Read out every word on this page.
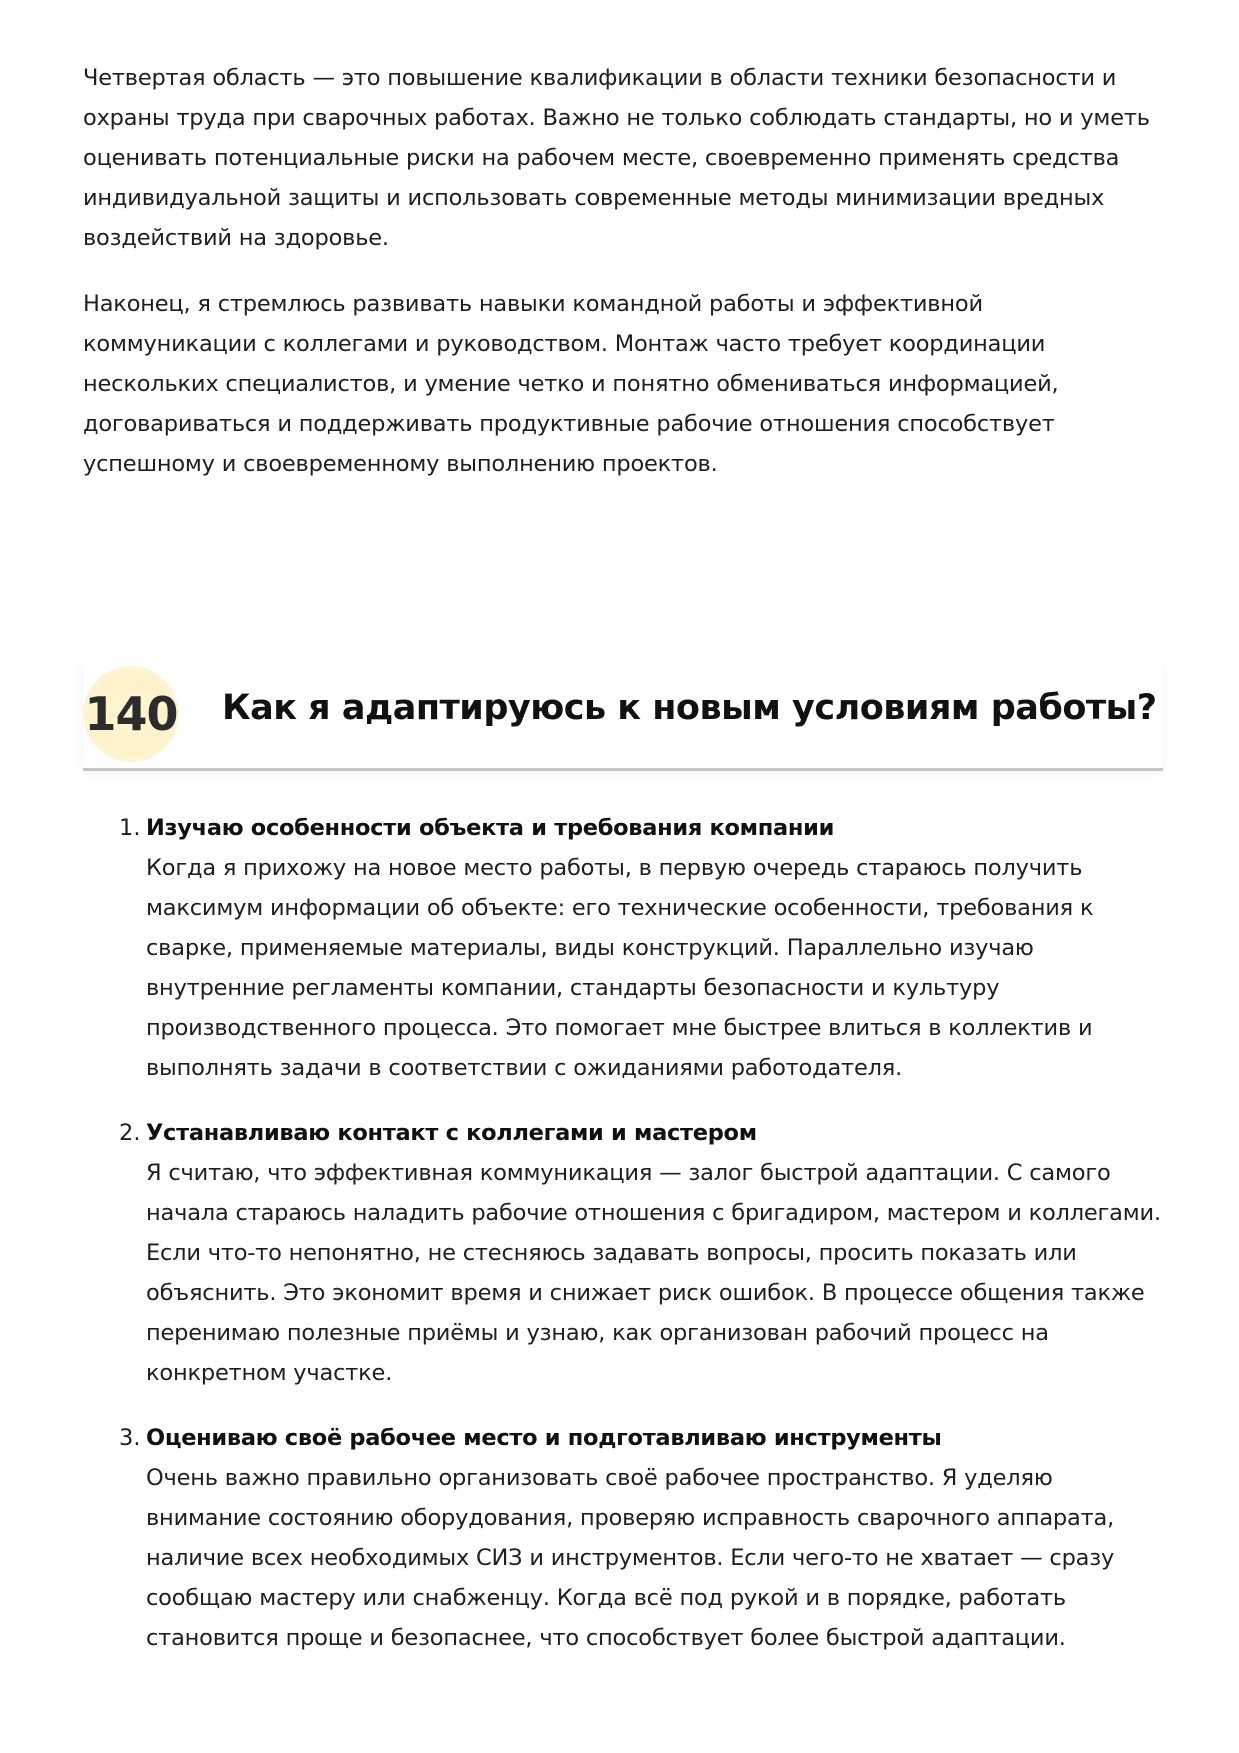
Четвертая область — это повышение квалификации в области техники безопасности и охраны труда при сварочных работах. Важно не только соблюдать стандарты, но и уметь оценивать потенциальные риски на рабочем месте, своевременно применять средства индивидуальной защиты и использовать современные методы минимизации вредных воздействий на здоровье.

Наконец, я стремлюсь развивать навыки командной работы и эффективной коммуникации с коллегами и руководством. Монтаж часто требует координации нескольких специалистов, и умение четко и понятно обмениваться информацией, договариваться и поддерживать продуктивные рабочие отношения способствует успешному и своевременному выполнению проектов.

140 Как я адаптируюсь к новым условиям работы?
1. Изучаю особенности объекта и требования компании

Когда я прихожу на новое место работы, в первую очередь стараюсь получить максимум информации об объекте: его технические особенности, требования к сварке, применяемые материалы, виды конструкций. Параллельно изучаю внутренние регламенты компании, стандарты безопасности и культуру производственного процесса. Это помогает мне быстрее влиться в коллектив и выполнять задачи в соответствии с ожиданиями работодателя.

2. Устанавливаю контакт с коллегами и мастером

Я считаю, что эффективная коммуникация — залог быстрой адаптации. С самого начала стараюсь наладить рабочие отношения с бригадиром, мастером и коллегами. Если что-то непонятно, не стесняюсь задавать вопросы, просить показать или объяснить. Это экономит время и снижает риск ошибок. В процессе общения также перенимаю полезные приёмы и узнаю, как организован рабочий процесс на конкретном участке.

3. Оцениваю своё рабочее место и подготавливаю инструменты

Очень важно правильно организовать своё рабочее пространство. Я уделяю внимание состоянию оборудования, проверяю исправность сварочного аппарата, наличие всех необходимых СИЗ и инструментов. Если чего-то не хватает — сразу сообщаю мастеру или снабженцу. Когда всё под рукой и в порядке, работать становится проще и безопаснее, что способствует более быстрой адаптации.
